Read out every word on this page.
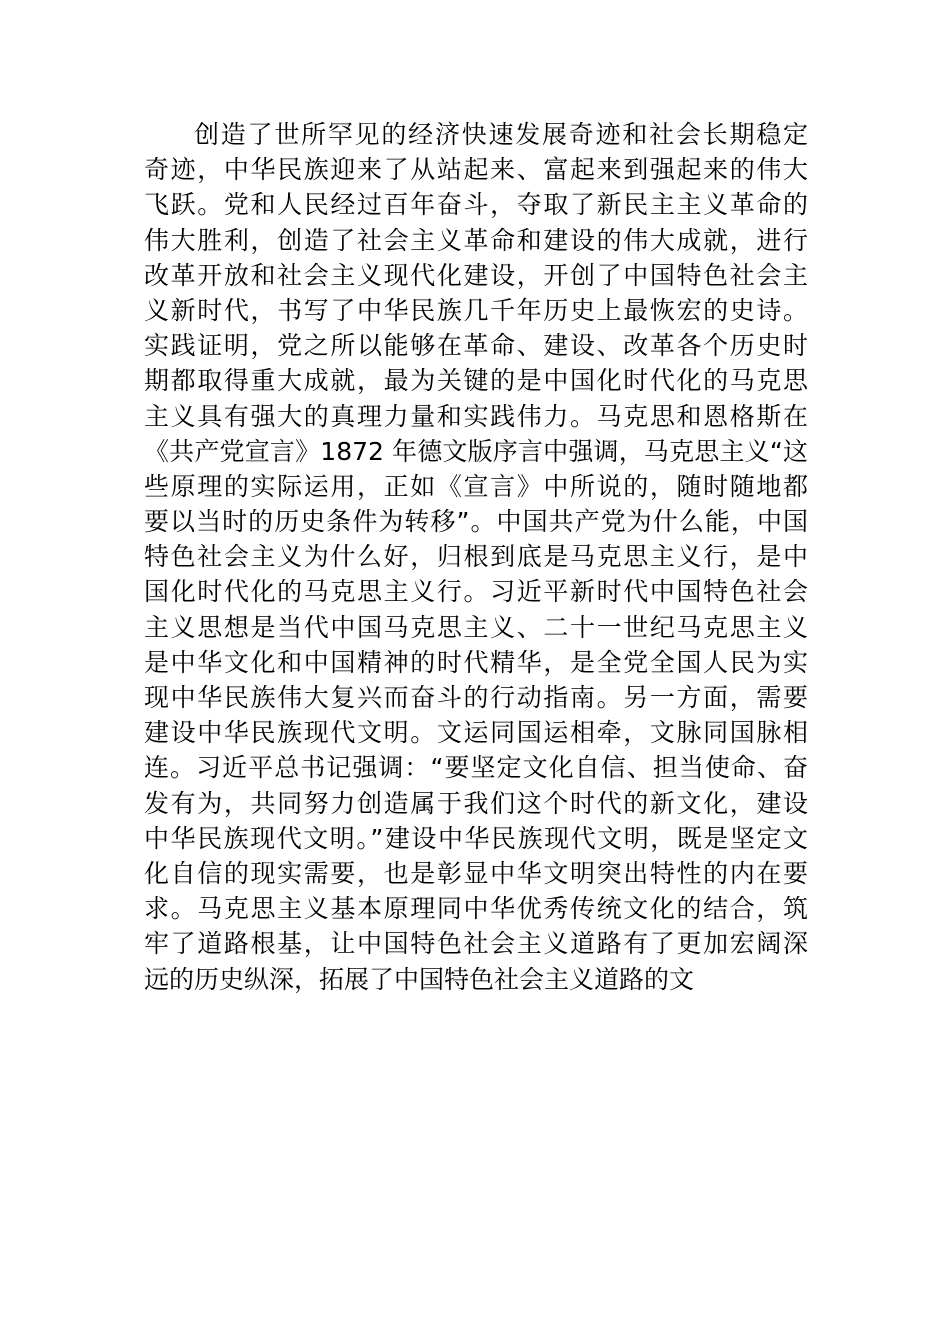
创造了世所罕见的经济快速发展奇迹和社会长期稳定
奇迹，中华民族迎来了从站起来、富起来到强起来的伟大
飞跃。党和人民经过百年奋斗，夺取了新民主主义革命的
伟大胜利，创造了社会主义革命和建设的伟大成就，进行
改革开放和社会主义现代化建设，开创了中国特色社会主
义新时代，书写了中华民族几千年历史上最恢宏的史诗。
实践证明，党之所以能够在革命、建设、改革各个历史时
期都取得重大成就，最为关键的是中国化时代化的马克思
主义具有强大的真理力量和实践伟力。马克思和恩格斯在
《共产党宣言》1872 年德文版序言中强调，马克思主义“这
些原理的实际运用，正如《宣言》中所说的，随时随地都
要以当时的历史条件为转移”。中国共产党为什么能，中国
特色社会主义为什么好，归根到底是马克思主义行，是中
国化时代化的马克思主义行。习近平新时代中国特色社会
主义思想是当代中国马克思主义、二十一世纪马克思主义
是中华文化和中国精神的时代精华，是全党全国人民为实
现中华民族伟大复兴而奋斗的行动指南。另一方面，需要
建设中华民族现代文明。文运同国运相牵，文脉同国脉相
连。习近平总书记强调：“要坚定文化自信、担当使命、奋
发有为，共同努力创造属于我们这个时代的新文化，建设
中华民族现代文明。”建设中华民族现代文明，既是坚定文
化自信的现实需要，也是彰显中华文明突出特性的内在要
求。马克思主义基本原理同中华优秀传统文化的结合，筑
牢了道路根基，让中国特色社会主义道路有了更加宏阔深
远的历史纵深，拓展了中国特色社会主义道路的文
